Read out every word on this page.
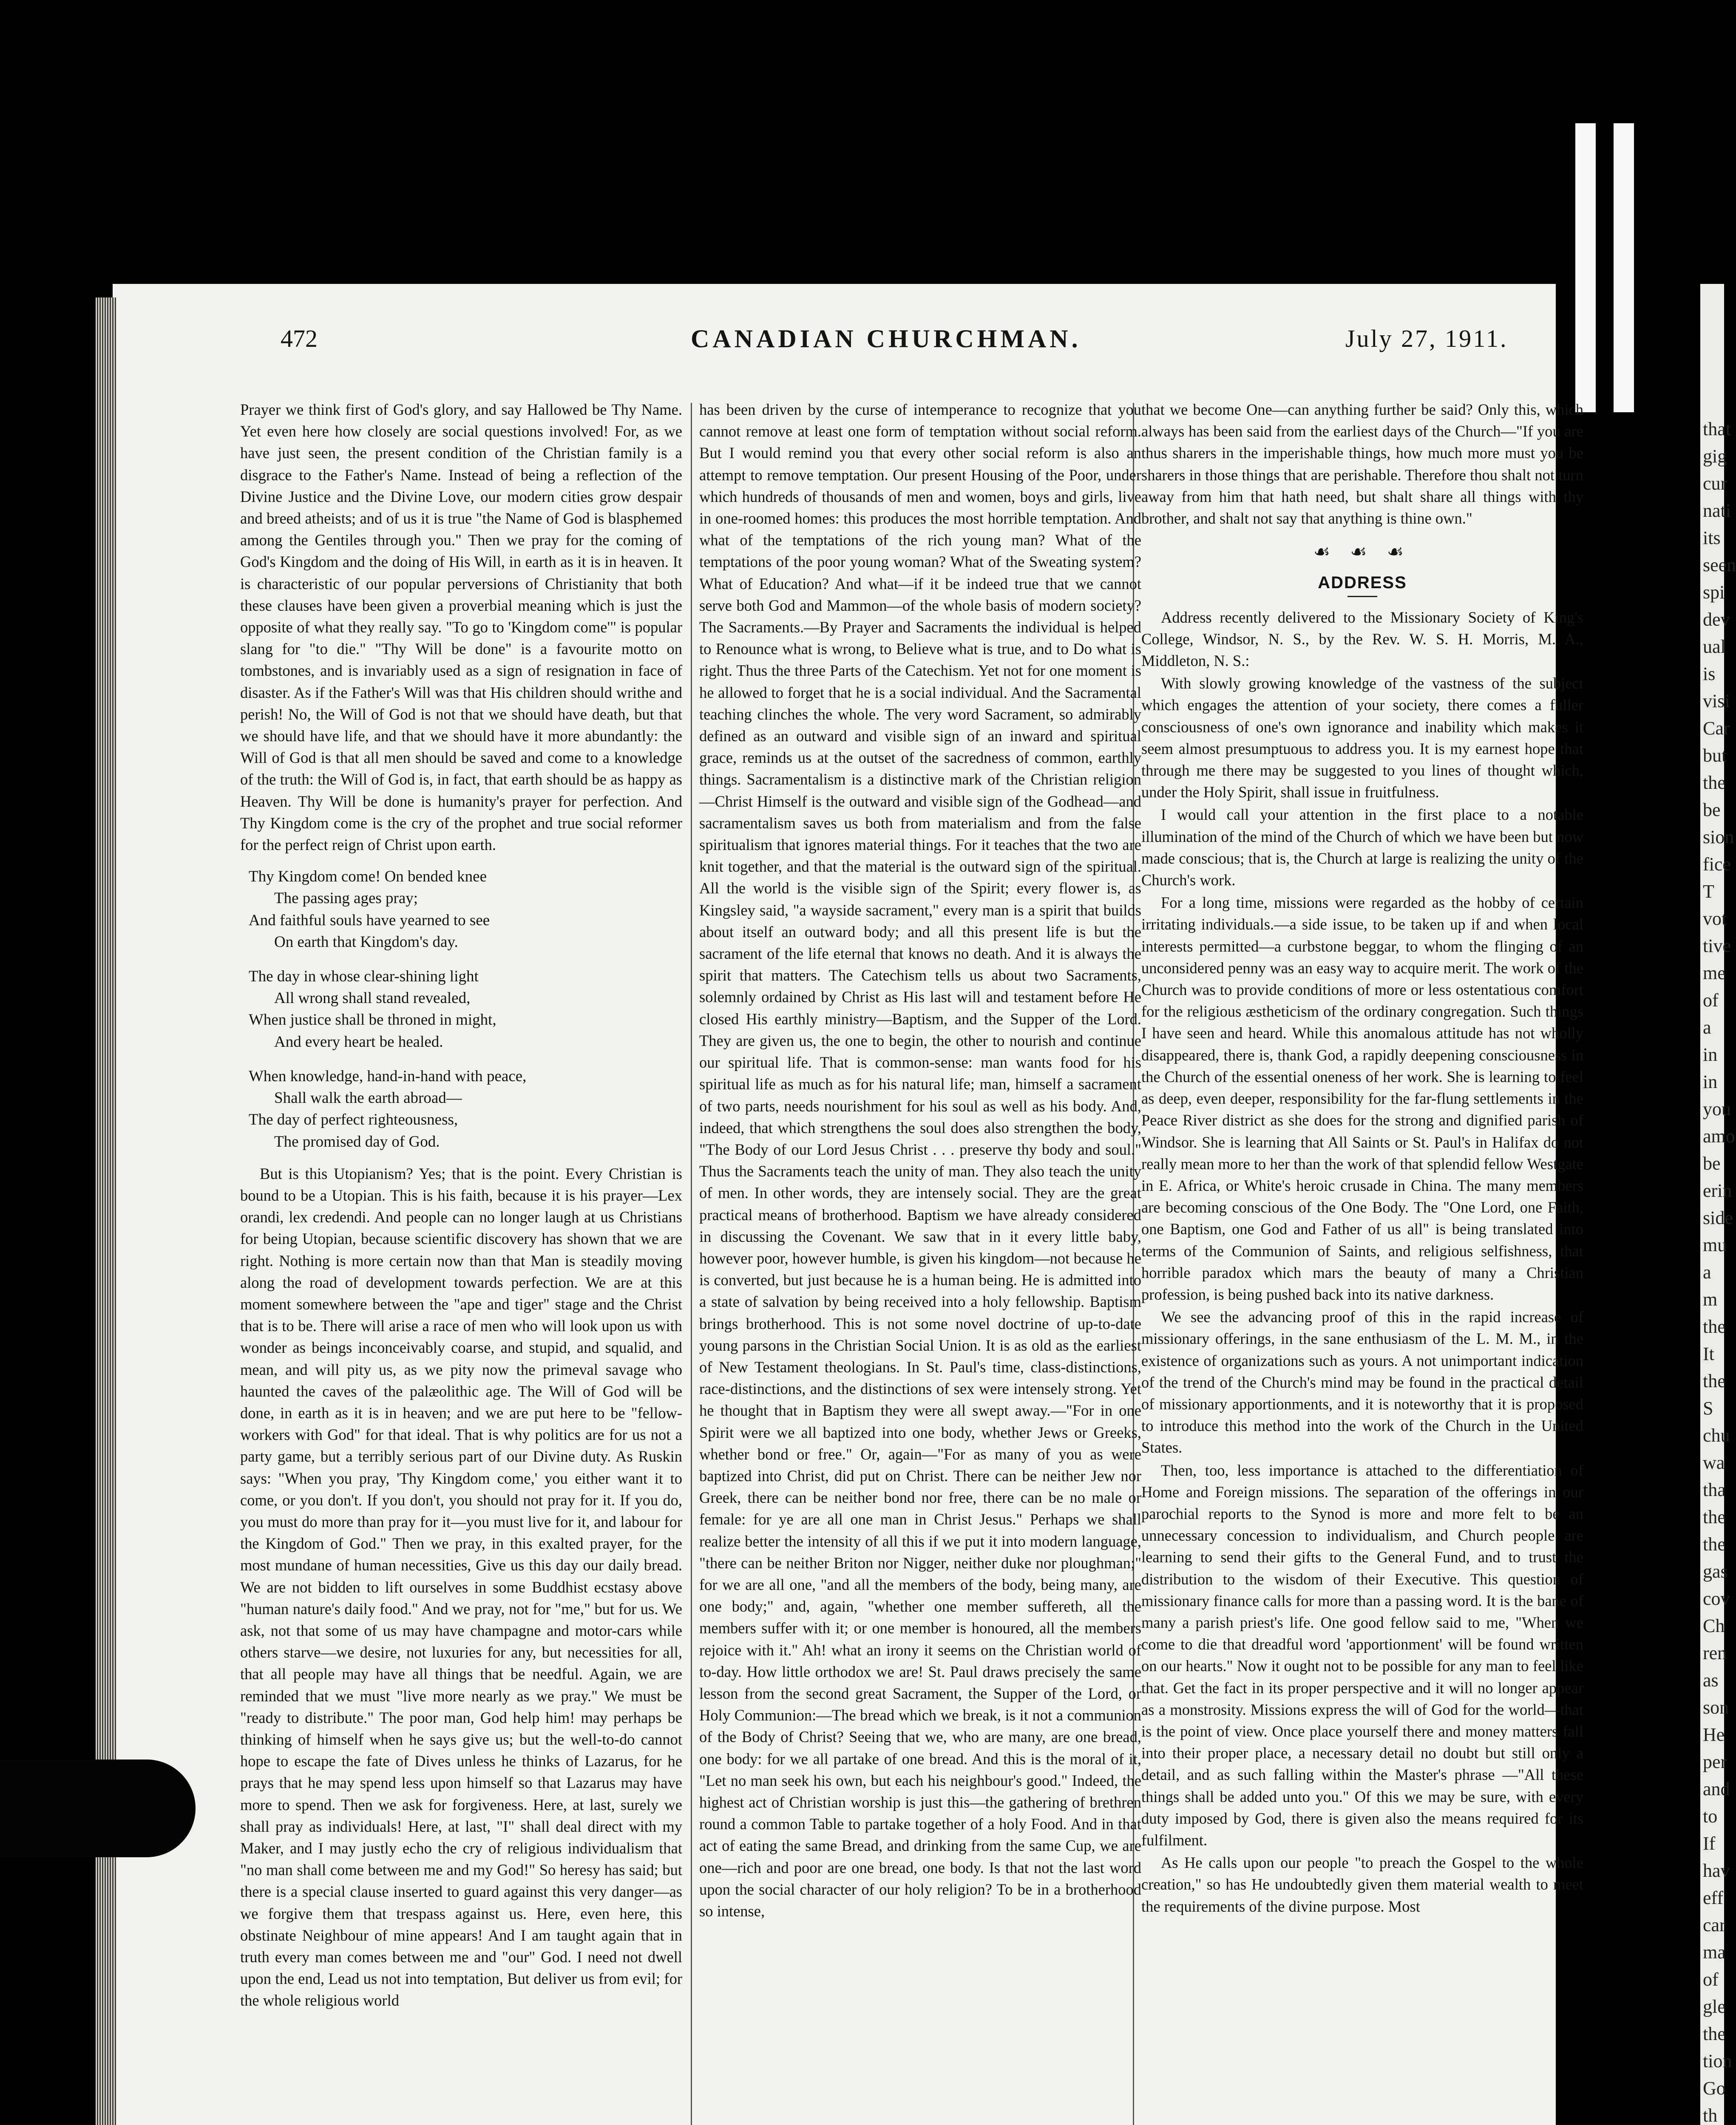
that
gig
cur
nati
its
seen
spi
dev
ual
is
visi
Car
but
the
be
sion
fice
T
vot
tive
me
of a
in
in
you
amo
be
erin
side
mu
a m
the
It
the
S
chu
wa
tha
the
the
gas
cov
Ch
ren
as
son
He
per
and
to
If
hav
eff
car
ma
of
gle
the
tion
Go
th
472	CANADIAN CHURCHMAN.	July 27, 1911.

Prayer we think first of God's glory, and say Hallowed be Thy Name. Yet even here how closely are social questions involved! For, as we have just seen, the present condition of the Christian family is a disgrace to the Father's Name. Instead of being a reflection of the Divine Justice and the Divine Love, our modern cities grow despair and breed atheists; and of us it is true "the Name of God is blasphemed among the Gentiles through you." Then we pray for the coming of God's Kingdom and the doing of His Will, in earth as it is in heaven. It is characteristic of our popular perversions of Christianity that both these clauses have been given a proverbial meaning which is just the opposite of what they really say. "To go to 'Kingdom come'" is popular slang for "to die." "Thy Will be done" is a favourite motto on tombstones, and is invariably used as a sign of resignation in face of disaster. As if the Father's Will was that His children should writhe and perish! No, the Will of God is not that we should have death, but that we should have life, and that we should have it more abundantly: the Will of God is that all men should be saved and come to a knowledge of the truth: the Will of God is, in fact, that earth should be as happy as Heaven. Thy Will be done is humanity's prayer for perfection. And Thy Kingdom come is the cry of the prophet and true social reformer for the perfect reign of Christ upon earth.

Thy Kingdom come! On bended knee
The passing ages pray;
And faithful souls have yearned to see
On earth that Kingdom's day.
The day in whose clear-shining light
All wrong shall stand revealed,
When justice shall be throned in might,
And every heart be healed.
When knowledge, hand-in-hand with peace,
Shall walk the earth abroad—
The day of perfect righteousness,
The promised day of God.

But is this Utopianism? Yes; that is the point. Every Christian is bound to be a Utopian. This is his faith, because it is his prayer—Lex orandi, lex credendi. And people can no longer laugh at us Christians for being Utopian, because scientific discovery has shown that we are right. Nothing is more certain now than that Man is steadily moving along the road of development towards perfection. We are at this moment somewhere between the "ape and tiger" stage and the Christ that is to be. There will arise a race of men who will look upon us with wonder as beings inconceivably coarse, and stupid, and squalid, and mean, and will pity us, as we pity now the primeval savage who haunted the caves of the palæolithic age. The Will of God will be done, in earth as it is in heaven; and we are put here to be "fellow-workers with God" for that ideal. That is why politics are for us not a party game, but a terribly serious part of our Divine duty. As Ruskin says: "When you pray, 'Thy Kingdom come,' you either want it to come, or you don't. If you don't, you should not pray for it. If you do, you must do more than pray for it—you must live for it, and labour for the Kingdom of God." Then we pray, in this exalted prayer, for the most mundane of human necessities, Give us this day our daily bread. We are not bidden to lift ourselves in some Buddhist ecstasy above "human nature's daily food." And we pray, not for "me," but for us. We ask, not that some of us may have champagne and motor-cars while others starve—we desire, not luxuries for any, but necessities for all, that all people may have all things that be needful. Again, we are reminded that we must "live more nearly as we pray." We must be "ready to distribute." The poor man, God help him! may perhaps be thinking of himself when he says give us; but the well-to-do cannot hope to escape the fate of Dives unless he thinks of Lazarus, for he prays that he may spend less upon himself so that Lazarus may have more to spend. Then we ask for forgiveness. Here, at last, surely we shall pray as individuals! Here, at last, "I" shall deal direct with my Maker, and I may justly echo the cry of religious individualism that "no man shall come between me and my God!" So heresy has said; but there is a special clause inserted to guard against this very danger—as we forgive them that trespass against us. Here, even here, this obstinate Neighbour of mine appears! And I am taught again that in truth every man comes between me and "our" God. I need not dwell upon the end, Lead us not into temptation, But deliver us from evil; for the whole religious world

has been driven by the curse of intemperance to recognize that you cannot remove at least one form of temptation without social reform. But I would remind you that every other social reform is also an attempt to remove temptation. Our present Housing of the Poor, under which hundreds of thousands of men and women, boys and girls, live in one-roomed homes: this produces the most horrible temptation. And what of the temptations of the rich young man? What of the temptations of the poor young woman? What of the Sweating system? What of Education? And what—if it be indeed true that we cannot serve both God and Mammon—of the whole basis of modern society? The Sacraments.—By Prayer and Sacraments the individual is helped to Renounce what is wrong, to Believe what is true, and to Do what is right. Thus the three Parts of the Catechism. Yet not for one moment is he allowed to forget that he is a social individual. And the Sacramental teaching clinches the whole. The very word Sacrament, so admirably defined as an outward and visible sign of an inward and spiritual grace, reminds us at the outset of the sacredness of common, earthly things. Sacramentalism is a distinctive mark of the Christian religion—Christ Himself is the outward and visible sign of the Godhead—and sacramentalism saves us both from materialism and from the false spiritualism that ignores material things. For it teaches that the two are knit together, and that the material is the outward sign of the spiritual. All the world is the visible sign of the Spirit; every flower is, as Kingsley said, "a wayside sacrament," every man is a spirit that builds about itself an outward body; and all this present life is but the sacrament of the life eternal that knows no death. And it is always the spirit that matters. The Catechism tells us about two Sacraments, solemnly ordained by Christ as His last will and testament before He closed His earthly ministry—Baptism, and the Supper of the Lord. They are given us, the one to begin, the other to nourish and continue our spiritual life. That is common-sense: man wants food for his spiritual life as much as for his natural life; man, himself a sacrament of two parts, needs nourishment for his soul as well as his body. And, indeed, that which strengthens the soul does also strengthen the body, "The Body of our Lord Jesus Christ . . . preserve thy body and soul." Thus the Sacraments teach the unity of man. They also teach the unity of men. In other words, they are intensely social. They are the great practical means of brotherhood. Baptism we have already considered in discussing the Covenant. We saw that in it every little baby, however poor, however humble, is given his kingdom—not because he is converted, but just because he is a human being. He is admitted into a state of salvation by being received into a holy fellowship. Baptism brings brotherhood. This is not some novel doctrine of up-to-date young parsons in the Christian Social Union. It is as old as the earliest of New Testament theologians. In St. Paul's time, class-distinctions, race-distinctions, and the distinctions of sex were intensely strong. Yet he thought that in Baptism they were all swept away.—"For in one Spirit were we all baptized into one body, whether Jews or Greeks, whether bond or free." Or, again—"For as many of you as were baptized into Christ, did put on Christ. There can be neither Jew nor Greek, there can be neither bond nor free, there can be no male or female: for ye are all one man in Christ Jesus." Perhaps we shall realize better the intensity of all this if we put it into modern language, "there can be neither Briton nor Nigger, neither duke nor ploughman;" for we are all one, "and all the members of the body, being many, are one body;" and, again, "whether one member suffereth, all the members suffer with it; or one member is honoured, all the members rejoice with it." Ah! what an irony it seems on the Christian world of to-day. How little orthodox we are! St. Paul draws precisely the same lesson from the second great Sacrament, the Supper of the Lord, or Holy Communion:—The bread which we break, is it not a communion of the Body of Christ? Seeing that we, who are many, are one bread, one body: for we all partake of one bread. And this is the moral of it, "Let no man seek his own, but each his neighbour's good." Indeed, the highest act of Christian worship is just this—the gathering of brethren round a common Table to partake together of a holy Food. And in that act of eating the same Bread, and drinking from the same Cup, we are one—rich and poor are one bread, one body. Is that not the last word upon the social character of our holy religion? To be in a brotherhood so intense,

that we become One—can anything further be said? Only this, which always has been said from the earliest days of the Church—"If you are thus sharers in the imperishable things, how much more must you be sharers in those things that are perishable. Therefore thou shalt not turn away from him that hath need, but shalt share all things with thy brother, and shalt not say that anything is thine own."

☙ ☙ ☙
ADDRESS

Address recently delivered to the Missionary Society of King's College, Windsor, N. S., by the Rev. W. S. H. Morris, M. A., Middleton, N. S.:

With slowly growing knowledge of the vastness of the subject which engages the attention of your society, there comes a fuller consciousness of one's own ignorance and inability which makes it seem almost presumptuous to address you. It is my earnest hope that through me there may be suggested to you lines of thought which, under the Holy Spirit, shall issue in fruitfulness.

I would call your attention in the first place to a notable illumination of the mind of the Church of which we have been but now made conscious; that is, the Church at large is realizing the unity of the Church's work.

For a long time, missions were regarded as the hobby of certain irritating individuals.—a side issue, to be taken up if and when local interests permitted—a curbstone beggar, to whom the flinging of an unconsidered penny was an easy way to acquire merit. The work of the Church was to provide conditions of more or less ostentatious comfort for the religious æstheticism of the ordinary congregation. Such things I have seen and heard. While this anomalous attitude has not wholly disappeared, there is, thank God, a rapidly deepening consciousness in the Church of the essential oneness of her work. She is learning to feel as deep, even deeper, responsibility for the far-flung settlements in the Peace River district as she does for the strong and dignified parish of Windsor. She is learning that All Saints or St. Paul's in Halifax do not really mean more to her than the work of that splendid fellow Westgate in E. Africa, or White's heroic crusade in China. The many members are becoming conscious of the One Body. The "One Lord, one Faith, one Baptism, one God and Father of us all" is being translated into terms of the Communion of Saints, and religious selfishness, that horrible paradox which mars the beauty of many a Christian profession, is being pushed back into its native darkness.

We see the advancing proof of this in the rapid increase of missionary offerings, in the sane enthusiasm of the L. M. M., in the existence of organizations such as yours. A not unimportant indication of the trend of the Church's mind may be found in the practical detail of missionary apportionments, and it is noteworthy that it is proposed to introduce this method into the work of the Church in the United States.

Then, too, less importance is attached to the differentiation of Home and Foreign missions. The separation of the offerings in our parochial reports to the Synod is more and more felt to be an unnecessary concession to individualism, and Church people are learning to send their gifts to the General Fund, and to trust the distribution to the wisdom of their Executive. This question of missionary finance calls for more than a passing word. It is the bane of many a parish priest's life. One good fellow said to me, "When we come to die that dreadful word 'apportionment' will be found written on our hearts." Now it ought not to be possible for any man to feel like that. Get the fact in its proper perspective and it will no longer appear as a monstrosity. Missions express the will of God for the world—that is the point of view. Once place yourself there and money matters fall into their proper place, a necessary detail no doubt but still only a detail, and as such falling within the Master's phrase —"All these things shall be added unto you." Of this we may be sure, with every duty imposed by God, there is given also the means required for its fulfilment.

As He calls upon our people "to preach the Gospel to the whole creation," so has He undoubtedly given them material wealth to meet the requirements of the divine purpose. Most
